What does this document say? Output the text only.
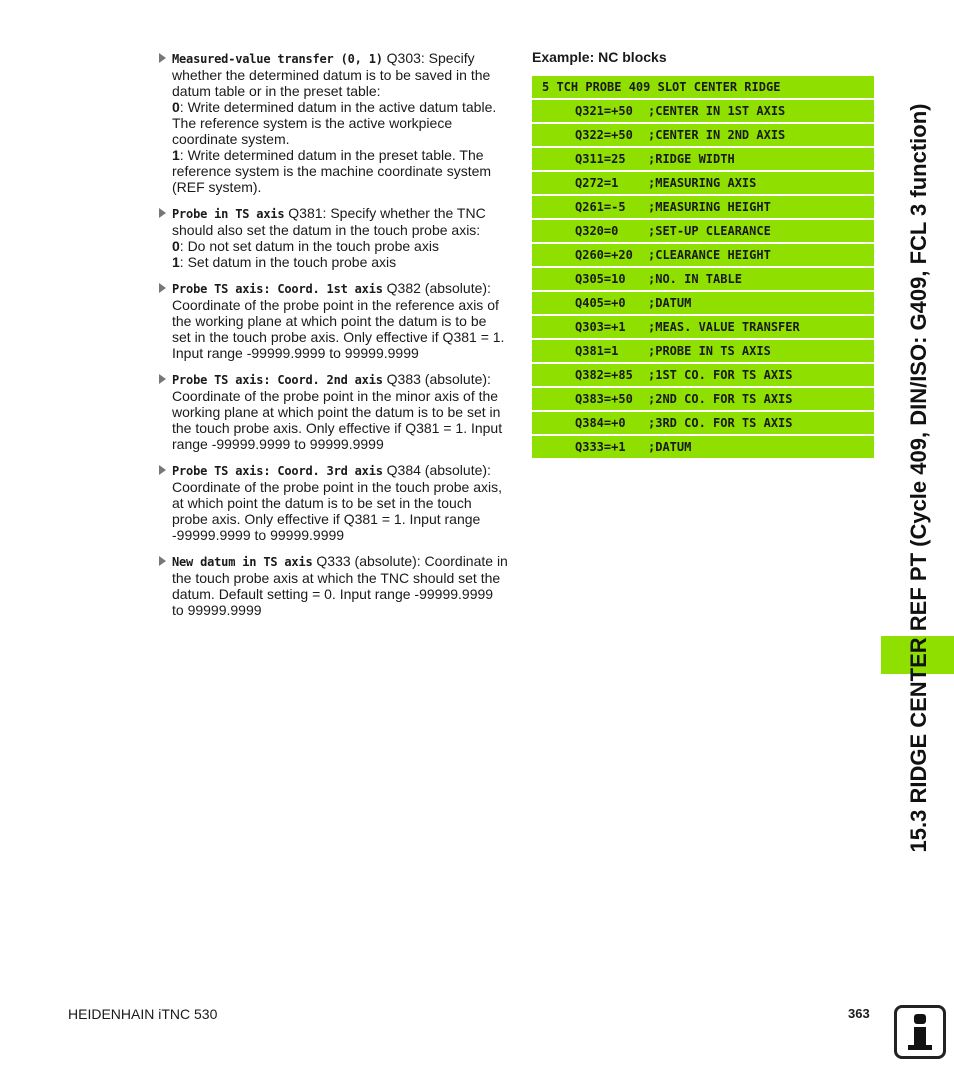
Measured-value transfer (0, 1) Q303: Specify
whether the determined datum is to be saved in the
datum table or in the preset table:
0: Write determined datum in the active datum table.
The reference system is the active workpiece
coordinate system.
1: Write determined datum in the preset table. The
reference system is the machine coordinate system
(REF system).
Probe in TS axis Q381: Specify whether the TNC
should also set the datum in the touch probe axis:
0: Do not set datum in the touch probe axis
1: Set datum in the touch probe axis
Probe TS axis: Coord. 1st axis Q382 (absolute):
Coordinate of the probe point in the reference axis of
the working plane at which point the datum is to be
set in the touch probe axis. Only effective if Q381 = 1.
Input range -99999.9999 to 99999.9999
Probe TS axis: Coord. 2nd axis Q383 (absolute):
Coordinate of the probe point in the minor axis of the
working plane at which point the datum is to be set in
the touch probe axis. Only effective if Q381 = 1. Input
range -99999.9999 to 99999.9999
Probe TS axis: Coord. 3rd axis Q384 (absolute):
Coordinate of the probe point in the touch probe axis,
at which point the datum is to be set in the touch
probe axis. Only effective if Q381 = 1. Input range
-99999.9999 to 99999.9999
New datum in TS axis Q333 (absolute): Coordinate in
the touch probe axis at which the TNC should set the
datum. Default setting = 0. Input range -99999.9999
to 99999.9999
Example: NC blocks
5 TCH PROBE 409 SLOT CENTER RIDGE
Q321=+50 ;CENTER IN 1ST AXIS
Q322=+50 ;CENTER IN 2ND AXIS
Q311=25 ;RIDGE WIDTH
Q272=1 ;MEASURING AXIS
Q261=-5 ;MEASURING HEIGHT
Q320=0 ;SET-UP CLEARANCE
Q260=+20 ;CLEARANCE HEIGHT
Q305=10 ;NO. IN TABLE
Q405=+0 ;DATUM
Q303=+1 ;MEAS. VALUE TRANSFER
Q381=1 ;PROBE IN TS AXIS
Q382=+85 ;1ST CO. FOR TS AXIS
Q383=+50 ;2ND CO. FOR TS AXIS
Q384=+0 ;3RD CO. FOR TS AXIS
Q333=+1 ;DATUM	15.3 RIDGE CENTER REF PT (Cycle 409, DIN/ISO: G409, FCL 3 function)
HEIDENHAIN iTNC 530	363
